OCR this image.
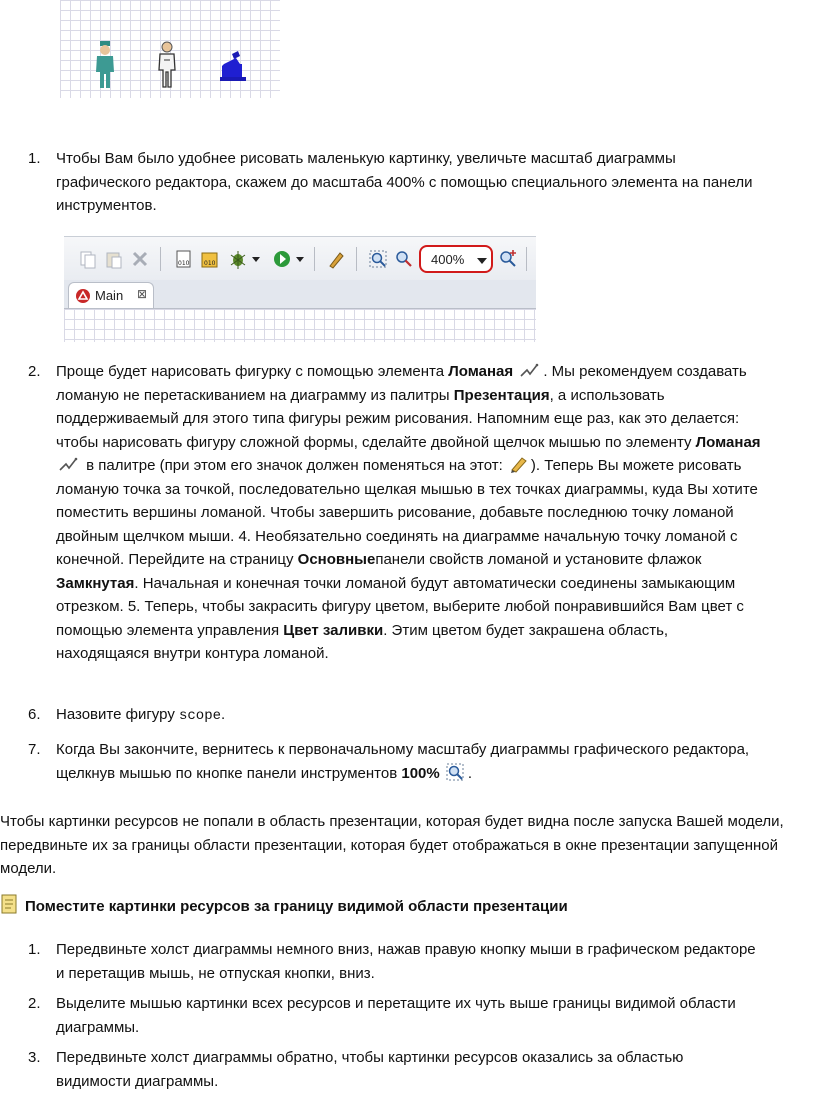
1. Чтобы Вам было удобнее рисовать маленькую картинку, увеличьте масштаб диаграммы графического редактора, скажем до масштаба 400% с помощью специального элемента на панели инструментов.
010 010	400%
Main ⊠
2. Проще будет нарисовать фигурку с помощью элемента Ломаная . Мы рекомендуем создавать ломаную не перетаскиванием на диаграмму из палитры Презентация, а использовать поддерживаемый для этого типа фигуры режим рисования. Напомним еще раз, как это делается: чтобы нарисовать фигуру сложной формы, сделайте двойной щелчок мышью по элементу Ломаная  в палитре (при этом его значок должен поменяться на этот: ). Теперь Вы можете рисовать ломаную точка за точкой, последовательно щелкая мышью в тех точках диаграммы, куда Вы хотите поместить вершины ломаной. Чтобы завершить рисование, добавьте последнюю точку ломаной двойным щелчком мыши. 4. Необязательно соединять на диаграмме начальную точку ломаной с конечной. Перейдите на страницу Основныепанели свойств ломаной и установите флажок Замкнутая. Начальная и конечная точки ломаной будут автоматически соединены замыкающим отрезком. 5. Теперь, чтобы закрасить фигуру цветом, выберите любой понравившийся Вам цвет с помощью элемента управления Цвет заливки. Этим цветом будет закрашена область, находящаяся внутри контура ломаной.
6. Назовите фигуру scope.
7. Когда Вы закончите, вернитесь к первоначальному масштабу диаграммы графического редактора, щелкнув мышью по кнопке панели инструментов 100% .
Чтобы картинки ресурсов не попали в область презентации, которая будет видна после запуска Вашей модели, передвиньте их за границы области презентации, которая будет отображаться в окне презентации запущенной модели.
Поместите картинки ресурсов за границу видимой области презентации
1. Передвиньте холст диаграммы немного вниз, нажав правую кнопку мыши в графическом редакторе и перетащив мышь, не отпуская кнопки, вниз.
2. Выделите мышью картинки всех ресурсов и перетащите их чуть выше границы видимой области диаграммы.
3. Передвиньте холст диаграммы обратно, чтобы картинки ресурсов оказались за областью видимости диаграммы.
